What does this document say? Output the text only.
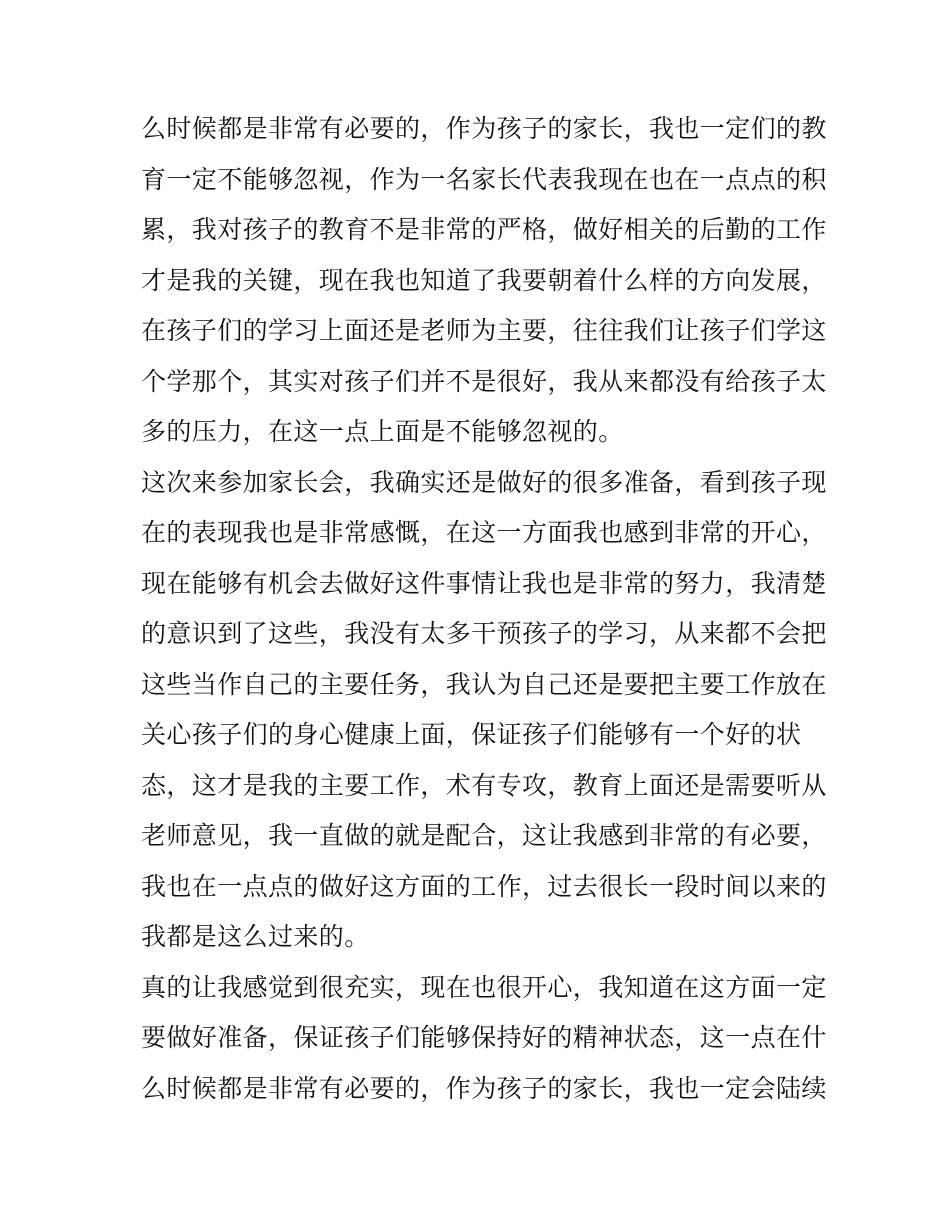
么时候都是非常有必要的，作为孩子的家长，我也一定们的教
育一定不能够忽视，作为一名家长代表我现在也在一点点的积
累，我对孩子的教育不是非常的严格，做好相关的后勤的工作
才是我的关键，现在我也知道了我要朝着什么样的方向发展，
在孩子们的学习上面还是老师为主要，往往我们让孩子们学这
个学那个，其实对孩子们并不是很好，我从来都没有给孩子太
多的压力，在这一点上面是不能够忽视的。
这次来参加家长会，我确实还是做好的很多准备，看到孩子现
在的表现我也是非常感慨，在这一方面我也感到非常的开心，
现在能够有机会去做好这件事情让我也是非常的努力，我清楚
的意识到了这些，我没有太多干预孩子的学习，从来都不会把
这些当作自己的主要任务，我认为自己还是要把主要工作放在
关心孩子们的身心健康上面，保证孩子们能够有一个好的状
态，这才是我的主要工作，术有专攻，教育上面还是需要听从
老师意见，我一直做的就是配合，这让我感到非常的有必要，
我也在一点点的做好这方面的工作，过去很长一段时间以来的
我都是这么过来的。
真的让我感觉到很充实，现在也很开心，我知道在这方面一定
要做好准备，保证孩子们能够保持好的精神状态，这一点在什
么时候都是非常有必要的，作为孩子的家长，我也一定会陆续
